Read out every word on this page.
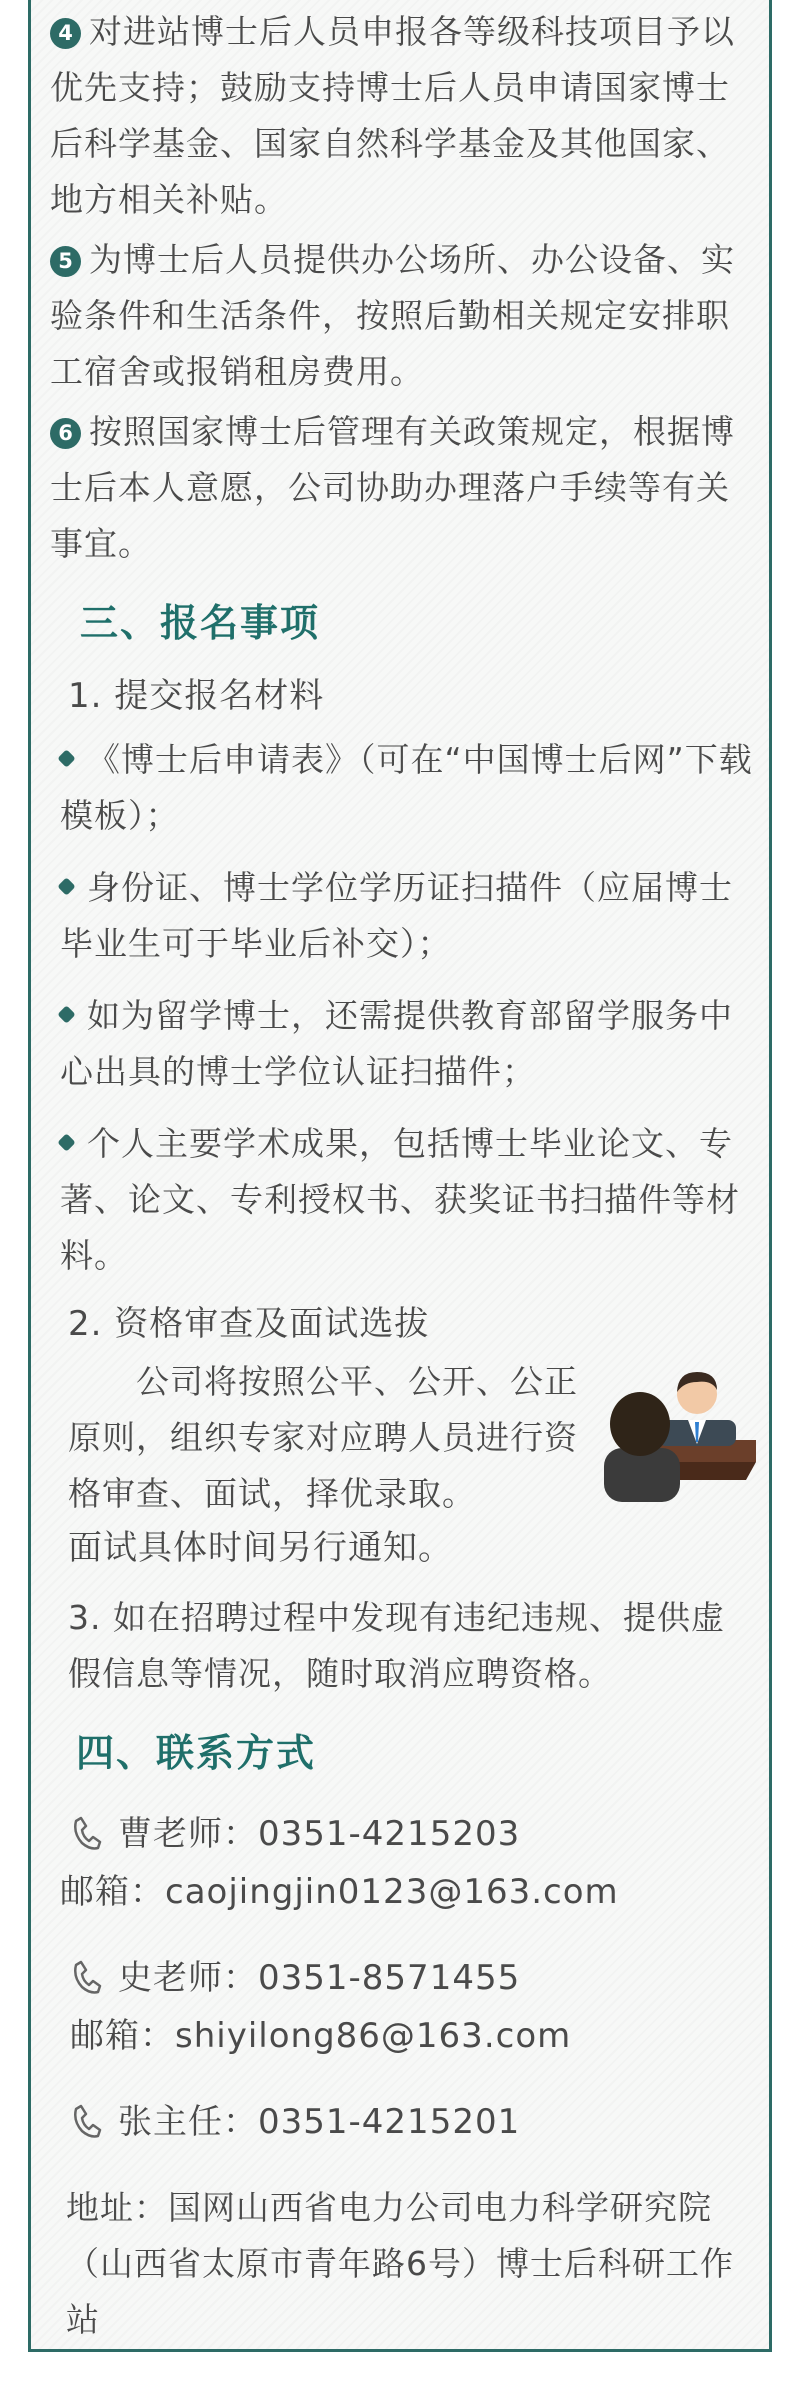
4 对进站博士后人员申报各等级科技项目予以优先支持；鼓励支持博士后人员申请国家博士后科学基金、国家自然科学基金及其他国家、地方相关补贴。
5 为博士后人员提供办公场所、办公设备、实验条件和生活条件，按照后勤相关规定安排职工宿舍或报销租房费用。
6 按照国家博士后管理有关政策规定，根据博士后本人意愿，公司协助办理落户手续等有关事宜。
三、报名事项
1. 提交报名材料
《博士后申请表》（可在“中国博士后网”下载模板）；
身份证、博士学位学历证扫描件（应届博士毕业生可于毕业后补交）；
如为留学博士，还需提供教育部留学服务中心出具的博士学位认证扫描件；
个人主要学术成果，包括博士毕业论文、专著、论文、专利授权书、获奖证书扫描件等材料。
2. 资格审查及面试选拔
公司将按照公平、公开、公正原则，组织专家对应聘人员进行资格审查、面试，择优录取。
面试具体时间另行通知。
3. 如在招聘过程中发现有违纪违规、提供虚假信息等情况，随时取消应聘资格。
四、联系方式
曹老师：0351-4215203
邮箱：caojingjin0123@163.com
史老师：0351-8571455
邮箱：shiyilong86@163.com
张主任：0351-4215201
地址：国网山西省电力公司电力科学研究院（山西省太原市青年路6号）博士后科研工作站
